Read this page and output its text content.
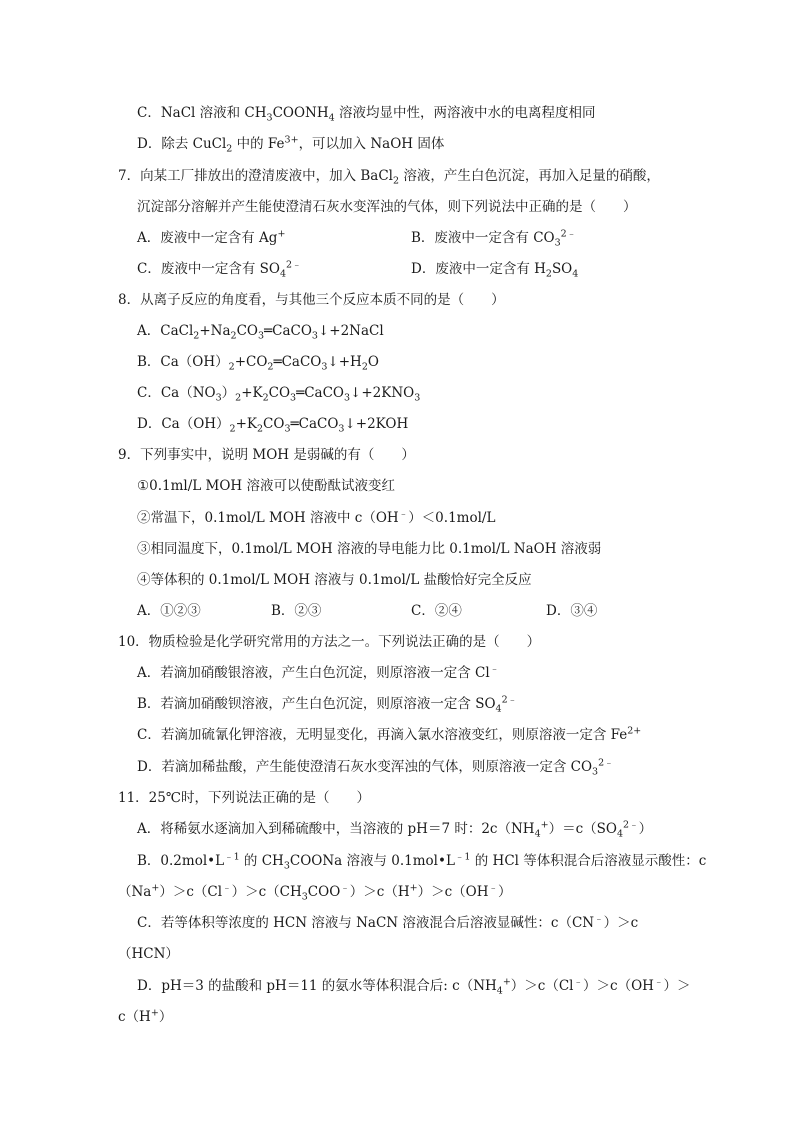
C．NaCl 溶液和 $CH_3COONH_4$ 溶液均显中性，两溶液中水的电离程度相同
D．除去 CuCl$_2$ 中的 $Fe^{3+}$，可以加入 NaOH 固体
7．向某工厂排放出的澄清废液中，加入 BaCl$_2$ 溶液，产生白色沉淀，再加入足量的硝酸，
沉淀部分溶解并产生能使澄清石灰水变浑浊的气体，则下列说法中正确的是（　　）
A．废液中一定含有 Ag+	B．废液中一定含有 $CO_3^{2﹣}$
C．废液中一定含有 $SO_4^{2﹣}$	D．废液中一定含有 $H_2SO_4$
8．从离子反应的角度看，与其他三个反应本质不同的是（　　）
A．$CaCl_2+Na_2CO_3═CaCO_3↓+2NaCl$
B．$Ca(OH)_2+CO_2═CaCO_3↓+H_2O$
C．$Ca(NO_3)_2+K_2CO_3═CaCO_3↓+2KNO_3$
D．$Ca(OH)_2+K_2CO_3═CaCO_3↓+2KOH$
9．下列事实中，说明 MOH 是弱碱的有（　　）
①0.1ml/L MOH 溶液可以使酚酞试液变红
②常温下，0.1mol/L MOH 溶液中 c（OH﹣）＜0.1mol/L
③相同温度下，0.1mol/L MOH 溶液的导电能力比 0.1mol/L NaOH 溶液弱
④等体积的 0.1mol/L MOH 溶液与 0.1mol/L 盐酸恰好完全反应
A．①②③	B．②③	C．②④	D．③④
10．物质检验是化学研究常用的方法之一。下列说法正确的是（　　）
A．若滴加硝酸银溶液，产生白色沉淀，则原溶液一定含 Cl﹣
B．若滴加硝酸钡溶液，产生白色沉淀，则原溶液一定含 $SO_4^{2﹣}$
C．若滴加硫氰化钾溶液，无明显变化，再滴入氯水溶液变红，则原溶液一定含 $Fe^{2+}$
D．若滴加稀盐酸，产生能使澄清石灰水变浑浊的气体，则原溶液一定含 $CO_3^{2﹣}$
11．25℃时，下列说法正确的是（　　）
A．将稀氨水逐滴加入到稀硫酸中，当溶液的 pH＝7 时：$2c(NH_4^+)=c(SO_4^{2﹣})$
B．$0.2mol•L^{﹣1}$ 的 $CH_3COONa$ 溶液与 $0.1mol•L^{﹣1}$ 的 HCl 等体积混合后溶液显示酸性：c
$(Na^+)>c(Cl^﹣)>c(CH_3COO^﹣)>c(H^+)>c(OH^﹣)$
C．若等体积等浓度的 HCN 溶液与 NaCN 溶液混合后溶液显碱性：c（CN﹣）＞c
（HCN）
D．pH＝3 的盐酸和 pH＝11 的氨水等体积混合后: $c(NH_4^+)>c(Cl^﹣)>c(OH^﹣)>$
c（H+）
